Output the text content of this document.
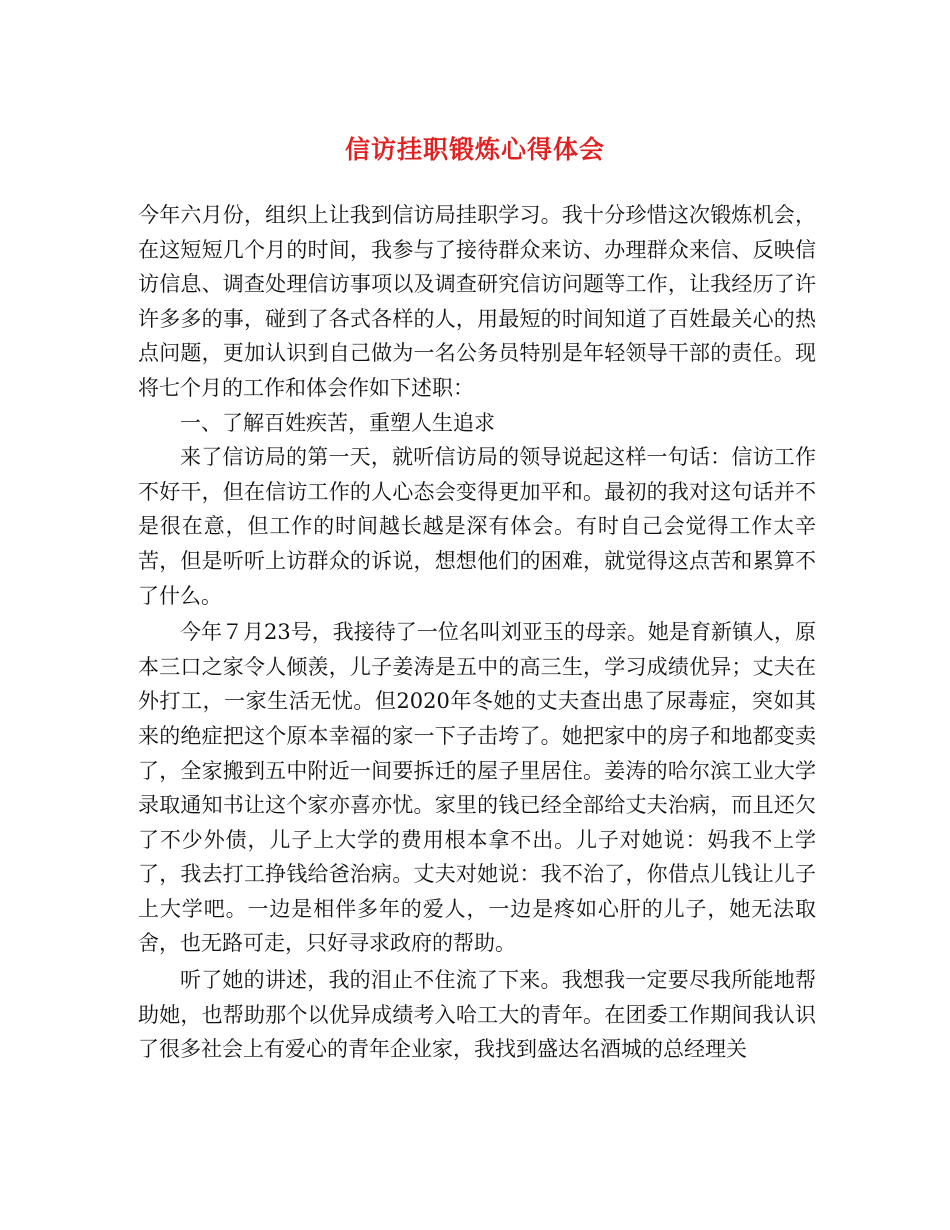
信访挂职锻炼心得体会

今年六月份，组织上让我到信访局挂职学习。我十分珍惜这次锻炼机会，在这短短几个月的时间，我参与了接待群众来访、办理群众来信、反映信访信息、调查处理信访事项以及调查研究信访问题等工作，让我经历了许许多多的事，碰到了各式各样的人，用最短的时间知道了百姓最关心的热点问题，更加认识到自己做为一名公务员特别是年轻领导干部的责任。现将七个月的工作和体会作如下述职：

一、了解百姓疾苦，重塑人生追求

来了信访局的第一天，就听信访局的领导说起这样一句话：信访工作不好干，但在信访工作的人心态会变得更加平和。最初的我对这句话并不是很在意，但工作的时间越长越是深有体会。有时自己会觉得工作太辛苦，但是听听上访群众的诉说，想想他们的困难，就觉得这点苦和累算不了什么。

今年７月23号，我接待了一位名叫刘亚玉的母亲。她是育新镇人，原本三口之家令人倾羡，儿子姜涛是五中的高三生，学习成绩优异；丈夫在外打工，一家生活无忧。但2020年冬她的丈夫查出患了尿毒症，突如其来的绝症把这个原本幸福的家一下子击垮了。她把家中的房子和地都变卖了，全家搬到五中附近一间要拆迁的屋子里居住。姜涛的哈尔滨工业大学录取通知书让这个家亦喜亦忧。家里的钱已经全部给丈夫治病，而且还欠了不少外债，儿子上大学的费用根本拿不出。儿子对她说：妈我不上学了，我去打工挣钱给爸治病。丈夫对她说：我不治了，你借点儿钱让儿子上大学吧。一边是相伴多年的爱人，一边是疼如心肝的儿子，她无法取舍，也无路可走，只好寻求政府的帮助。

听了她的讲述，我的泪止不住流了下来。我想我一定要尽我所能地帮助她，也帮助那个以优异成绩考入哈工大的青年。在团委工作期间我认识了很多社会上有爱心的青年企业家，我找到盛达名酒城的总经理关
